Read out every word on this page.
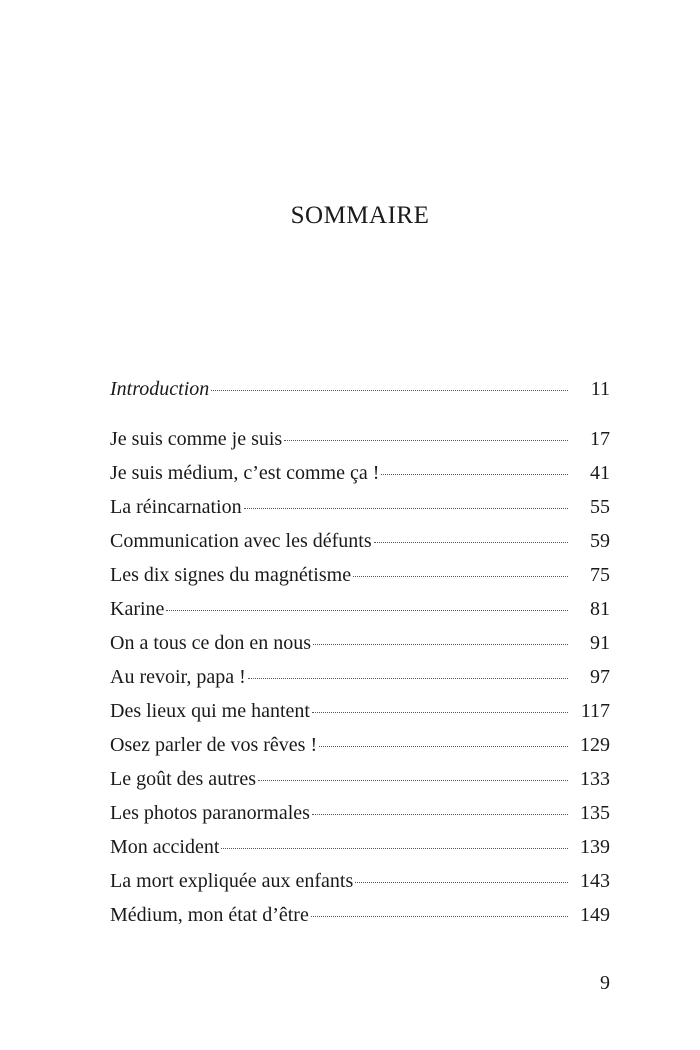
SOMMAIRE
Introduction	11
Je suis comme je suis	17
Je suis médium, c’est comme ça !	41
La réincarnation	55
Communication avec les défunts	59
Les dix signes du magnétisme	75
Karine	81
On a tous ce don en nous	91
Au revoir, papa !	97
Des lieux qui me hantent	117
Osez parler de vos rêves !	129
Le goût des autres	133
Les photos paranormales	135
Mon accident	139
La mort expliquée aux enfants	143
Médium, mon état d’être	149
9
